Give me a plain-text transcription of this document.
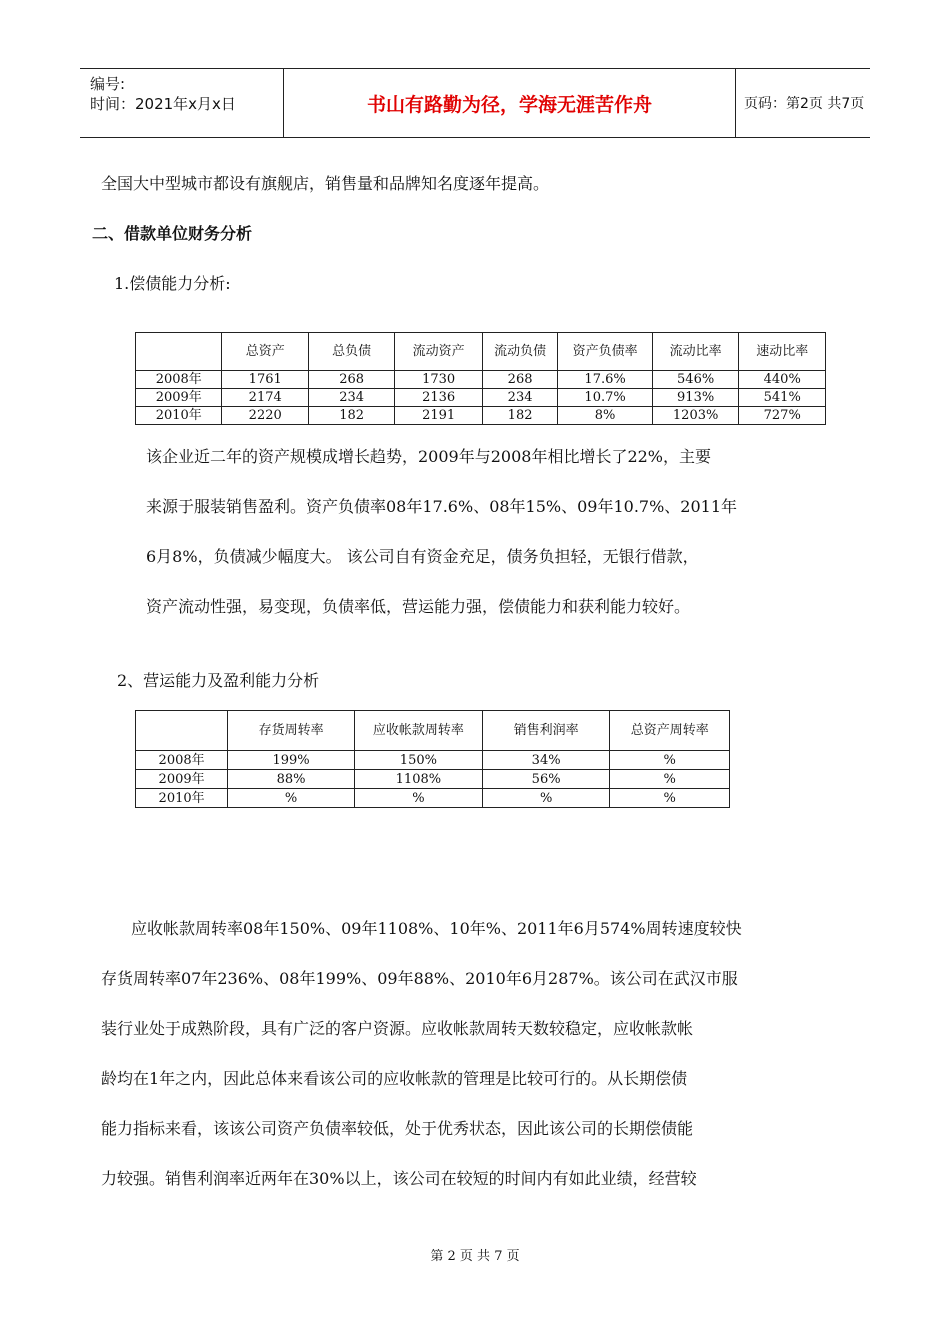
编号:
时间：2021年x月x日	书山有路勤为径，学海无涯苦作舟	页码：第2页 共7页
全国大中型城市都设有旗舰店，销售量和品牌知名度逐年提高。
二、借款单位财务分析
1.偿债能力分析:
	总资产	总负债	流动资产	流动负债	资产负债率	流动比率	速动比率
2008年	1761	268	1730	268	17.6%	546%	440%
2009年	2174	234	2136	234	10.7%	913%	541%
2010年	2220	182	2191	182	8%	1203%	727%
该企业近二年的资产规模成增长趋势，2009年与2008年相比增长了22%，主要
来源于服装销售盈利。资产负债率08年17.6%、08年15%、09年10.7%、2011年
6月8%，负债减少幅度大。 该公司自有资金充足，债务负担轻，无银行借款，
资产流动性强，易变现，负债率低，营运能力强，偿债能力和获利能力较好。
2、营运能力及盈利能力分析
	存货周转率	应收帐款周转率	销售利润率	总资产周转率
2008年	199%	150%	34%	%
2009年	88%	1108%	56%	%
2010年	%	%	%	%
应收帐款周转率08年150%、09年1108%、10年%、2011年6月574%周转速度较快
存货周转率07年236%、08年199%、09年88%、2010年6月287%。该公司在武汉市服
装行业处于成熟阶段，具有广泛的客户资源。应收帐款周转天数较稳定，应收帐款帐
龄均在1年之内，因此总体来看该公司的应收帐款的管理是比较可行的。从长期偿债
能力指标来看，该该公司资产负债率较低，处于优秀状态，因此该公司的长期偿债能
力较强。销售利润率近两年在30%以上，该公司在较短的时间内有如此业绩，经营较
第 2 页 共 7 页
